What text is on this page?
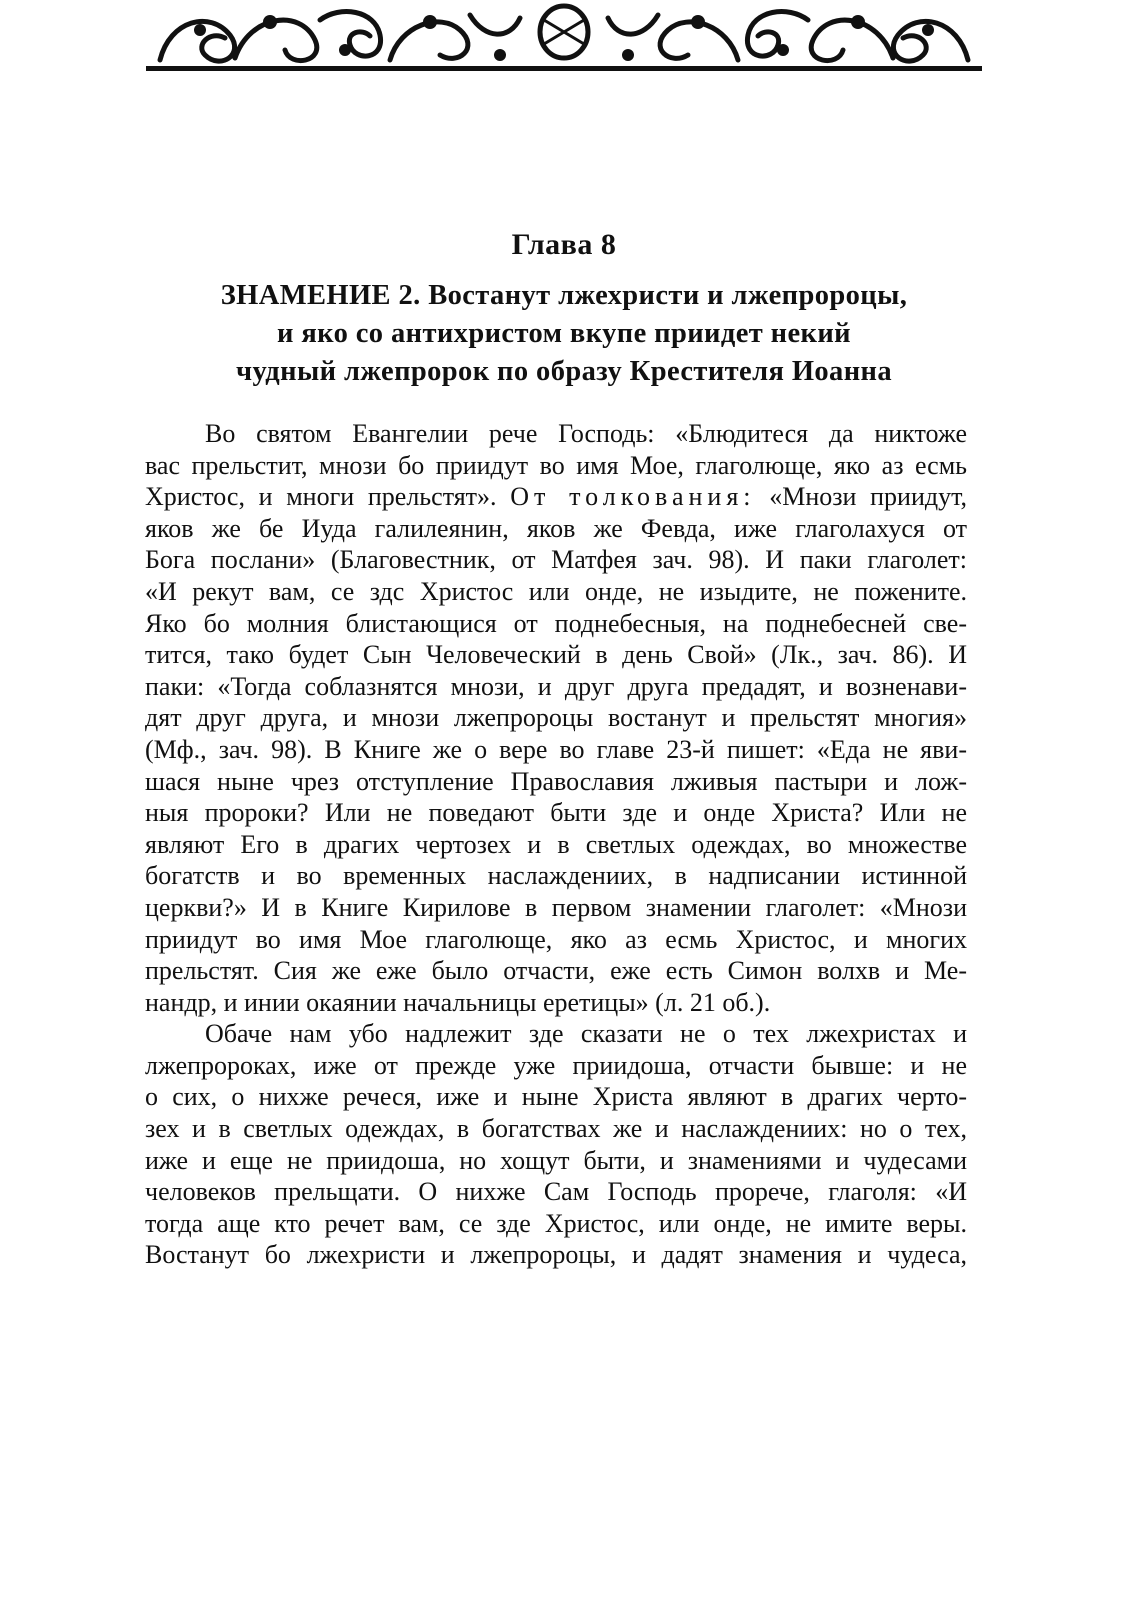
Глава 8
ЗНАМЕНИЕ 2. Востанут лжехристи и лжепророцы,
и яко со антихристом вкупе приидет некий
чудный лжепророк по образу Крестителя Иоанна

Во святом Евангелии рече Господь: «Блюдитеся да никтоже
вас прельстит, мнози бо приидут во имя Мое, глаголюще, яко аз есмь
Христос, и многи прельстят». От толкования: «Мнози приидут,
яков же бе Иуда галилеянин, яков же Февда, иже глаголахуся от
Бога послани» (Благовестник, от Матфея зач. 98). И паки глаголет:
«И рекут вам, се здс Христос или онде, не изыдите, не пожените.
Яко бо молния блистающися от поднебесныя, на поднебесней све-
тится, тако будет Сын Человеческий в день Свой» (Лк., зач. 86). И
паки: «Тогда соблазнятся мнози, и друг друга предадят, и возненави-
дят друг друга, и мнози лжепророцы востанут и прельстят многия»
(Мф., зач. 98). В Книге же о вере во главе 23-й пишет: «Еда не яви-
шася ныне чрез отступление Православия лживыя пастыри и лож-
ныя пророки? Или не поведают быти зде и онде Христа? Или не
являют Его в драгих чертозех и в светлых одеждах, во множестве
богатств и во временных наслаждениих, в надписании истинной
церкви?» И в Книге Кирилове в первом знамении глаголет: «Мнози
приидут во имя Мое глаголюще, яко аз есмь Христос, и многих
прельстят. Сия же еже было отчасти, еже есть Симон волхв и Ме-
нандр, и инии окаянии начальницы еретицы» (л. 21 об.).

Обаче нам убо надлежит зде сказати не о тех лжехристах и
лжепророках, иже от прежде уже приидоша, отчасти бывше: и не
о сих, о нихже речеся, иже и ныне Христа являют в драгих черто-
зех и в светлых одеждах, в богатствах же и наслаждениих: но о тех,
иже и еще не приидоша, но хощут быти, и знамениями и чудесами
человеков прельщати. О нихже Сам Господь прорече, глаголя: «И
тогда аще кто речет вам, се зде Христос, или онде, не имите веры.
Востанут бо лжехристи и лжепророцы, и дадят знамения и чудеса,
